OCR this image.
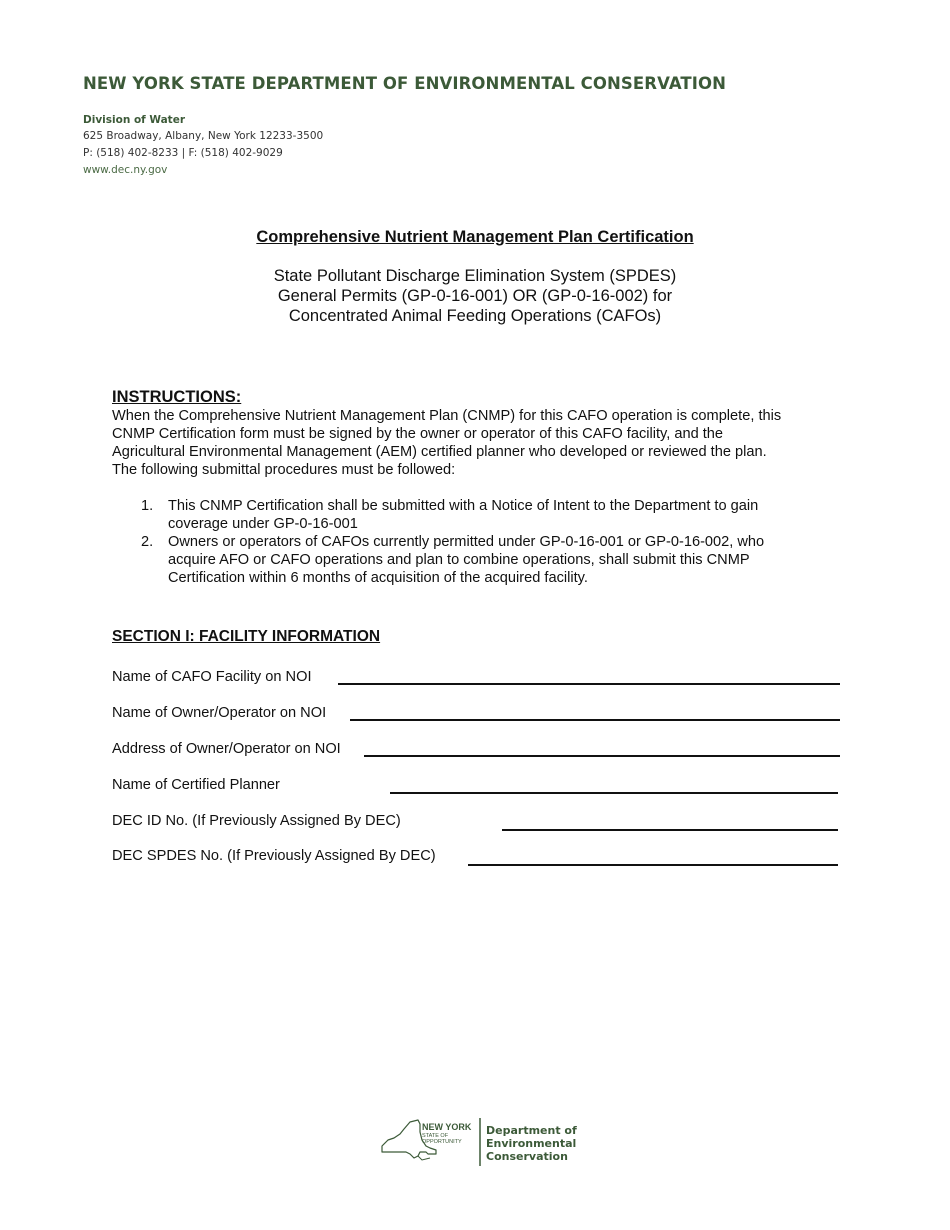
NEW YORK STATE DEPARTMENT OF ENVIRONMENTAL CONSERVATION
Division of Water
625 Broadway, Albany, New York 12233-3500
P: (518) 402-8233 | F: (518) 402-9029
www.dec.ny.gov
Comprehensive Nutrient Management Plan Certification
State Pollutant Discharge Elimination System (SPDES)
General Permits (GP-0-16-001) OR (GP-0-16-002) for
Concentrated Animal Feeding Operations (CAFOs)
INSTRUCTIONS:
When the Comprehensive Nutrient Management Plan (CNMP) for this CAFO operation is complete, this
CNMP Certification form must be signed by the owner or operator of this CAFO facility, and the
Agricultural Environmental Management (AEM) certified planner who developed or reviewed the plan.
The following submittal procedures must be followed:
1. This CNMP Certification shall be submitted with a Notice of Intent to the Department to gain
coverage under GP-0-16-001
2. Owners or operators of CAFOs currently permitted under GP-0-16-001 or GP-0-16-002, who
acquire AFO or CAFO operations and plan to combine operations, shall submit this CNMP
Certification within 6 months of acquisition of the acquired facility.
SECTION I: FACILITY INFORMATION
Name of CAFO Facility on NOI
Name of Owner/Operator on NOI
Address of Owner/Operator on NOI
Name of Certified Planner
DEC ID No. (If Previously Assigned By DEC)
DEC SPDES No. (If Previously Assigned By DEC)
NEW YORK
STATE OF
OPPORTUNITY
Department of
Environmental
Conservation
